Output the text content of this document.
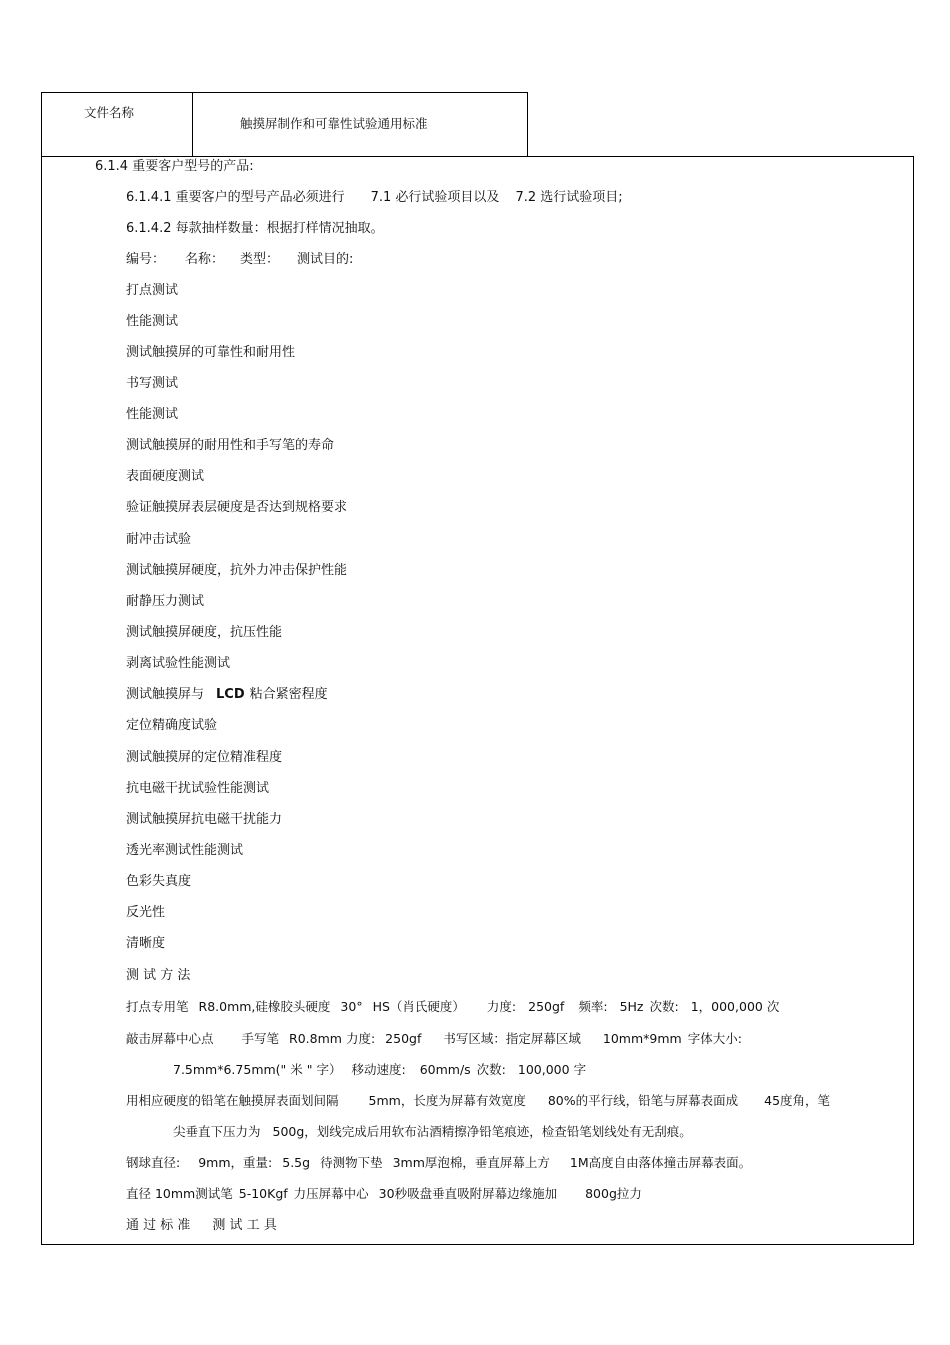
文件名称
触摸屏制作和可靠性试验通用标准
6.1.4 重要客户型号的产品:
6.1.4.1 重要客户的型号产品必须进行 7.1 必行试验项目以及 7.2 选行试验项目;
6.1.4.2 每款抽样数量：根据打样情况抽取。
编号： 名称： 类型： 测试目的:
打点测试
性能测试
测试触摸屏的可靠性和耐用性
书写测试
性能测试
测试触摸屏的耐用性和手写笔的寿命
表面硬度测试
验证触摸屏表层硬度是否达到规格要求
耐冲击试验
测试触摸屏硬度，抗外力冲击保护性能
耐静压力测试
测试触摸屏硬度，抗压性能
剥离试验性能测试
测试触摸屏与 LCD 粘合紧密程度
定位精确度试验
测试触摸屏的定位精准程度
抗电磁干扰试验性能测试
测试触摸屏抗电磁干扰能力
透光率测试性能测试
色彩失真度
反光性
清晰度
测 试 方 法
打点专用笔 R8.0mm,硅橡胶头硬度 30° HS（肖氏硬度） 力度: 250gf 频率: 5Hz 次数: 1，000,000 次
敲击屏幕中心点 手写笔 R0.8mm 力度: 250gf 书写区域：指定屏幕区域 10mm*9mm 字体大小:
7.5mm*6.75mm(" 米 " 字） 移动速度: 60mm/s 次数: 100,000 字
用相应硬度的铅笔在触摸屏表面划间隔 5mm，长度为屏幕有效宽度 80%的平行线，铅笔与屏幕表面成 45度角，笔
尖垂直下压力为 500g，划线完成后用软布沾酒精擦净铅笔痕迹，检查铅笔划线处有无刮痕。
钢球直径: 9mm，重量: 5.5g 待测物下垫 3mm厚泡棉，垂直屏幕上方 1M高度自由落体撞击屏幕表面。
直径 10mm测试笔 5-10Kgf 力压屏幕中心 30秒吸盘垂直吸附屏幕边缘施加 800g拉力
通 过 标 准 测 试 工 具
